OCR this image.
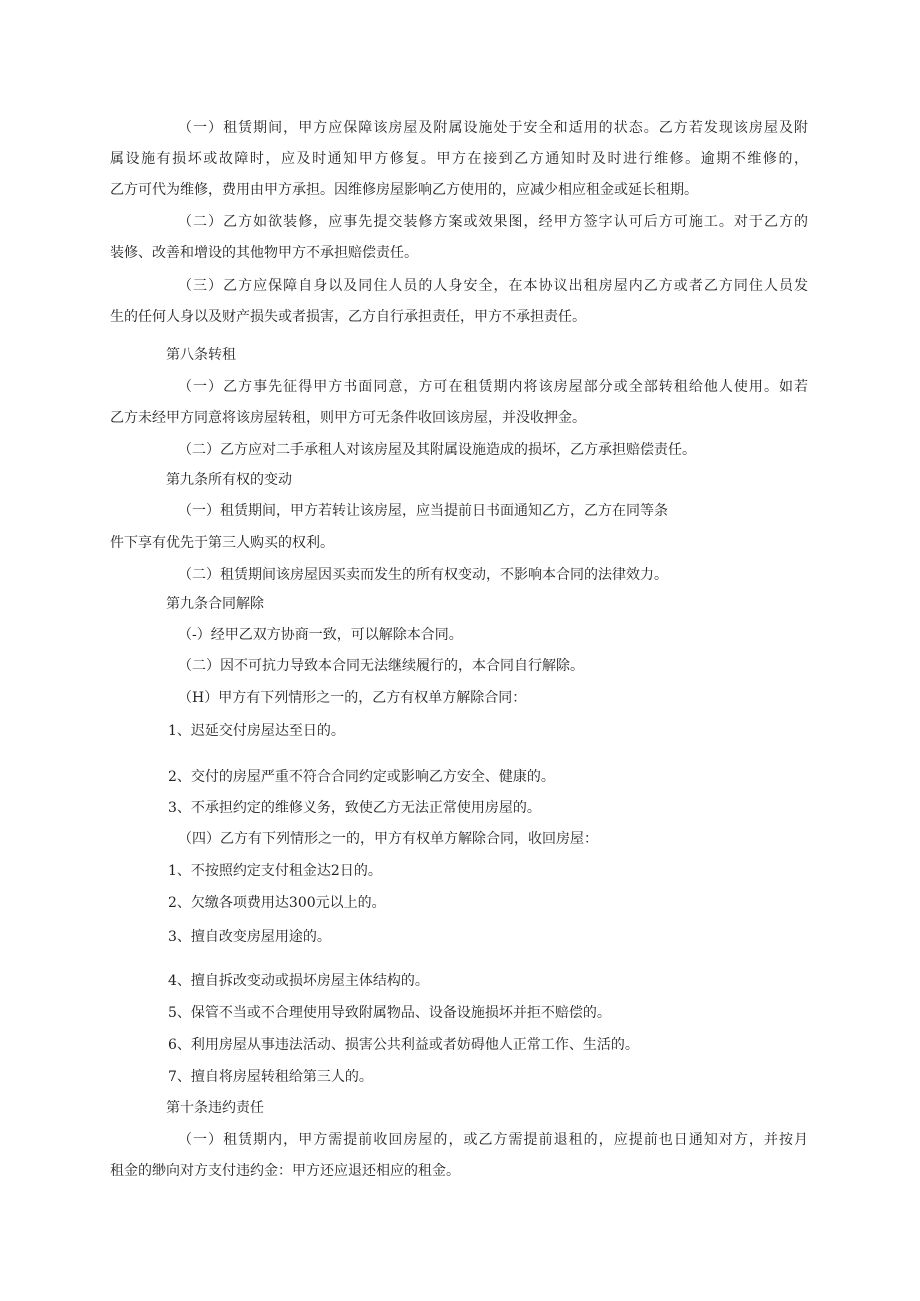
（一）租赁期间，甲方应保障该房屋及附属设施处于安全和适用的状态。乙方若发现该房屋及附
属设施有损坏或故障时，应及时通知甲方修复。甲方在接到乙方通知时及时进行维修。逾期不维修的，
乙方可代为维修，费用由甲方承担。因维修房屋影响乙方使用的，应减少相应租金或延长租期。
（二）乙方如欲装修，应事先提交装修方案或效果图，经甲方签字认可后方可施工。对于乙方的
装修、改善和增设的其他物甲方不承担赔偿责任。
（三）乙方应保障自身以及同住人员的人身安全，在本协议出租房屋内乙方或者乙方同住人员发
生的任何人身以及财产损失或者损害，乙方自行承担责任，甲方不承担责任。
第八条转租
（一）乙方事先征得甲方书面同意，方可在租赁期内将该房屋部分或全部转租给他人使用。如若
乙方未经甲方同意将该房屋转租，则甲方可无条件收回该房屋，并没收押金。
（二）乙方应对二手承租人对该房屋及其附属设施造成的损坏，乙方承担赔偿责任。
第九条所有权的变动
（一）租赁期间，甲方若转让该房屋，应当提前日书面通知乙方，乙方在同等条
件下享有优先于第三人购买的权利。
（二）租赁期间该房屋因买卖而发生的所有权变动，不影响本合同的法律效力。
第九条合同解除
（-）经甲乙双方协商一致，可以解除本合同。
（二）因不可抗力导致本合同无法继续履行的，本合同自行解除。
（H）甲方有下列情形之一的，乙方有权单方解除合同：
1、迟延交付房屋达至日的。
2、交付的房屋严重不符合合同约定或影响乙方安全、健康的。
3、不承担约定的维修义务，致使乙方无法正常使用房屋的。
（四）乙方有下列情形之一的，甲方有权单方解除合同，收回房屋：
1、不按照约定支付租金达2日的。
2、欠缴各项费用达300元以上的。
3、擅自改变房屋用途的。
4、擅自拆改变动或损坏房屋主体结构的。
5、保管不当或不合理使用导致附属物品、设备设施损坏并拒不赔偿的。
6、利用房屋从事违法活动、损害公共利益或者妨碍他人正常工作、生活的。
7、擅自将房屋转租给第三人的。
第十条违约责任
（一）租赁期内，甲方需提前收回房屋的，或乙方需提前退租的，应提前也日通知对方，并按月
租金的缈向对方支付违约金：甲方还应退还相应的租金。
